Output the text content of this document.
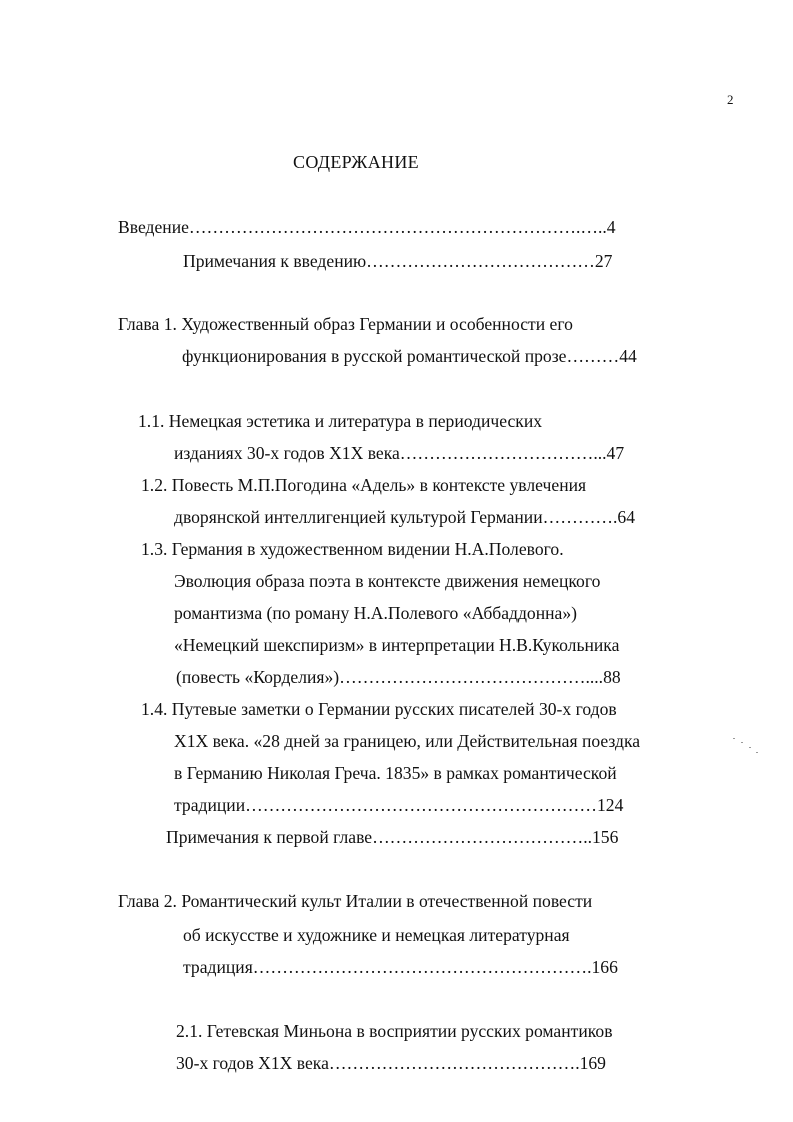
2
СОДЕРЖАНИЕ
Введение………………………………………………………….…..4
Примечания к введению…………………………………27
Глава 1. Художественный образ Германии и особенности его
функционирования в русской романтической прозе………44
1.1. Немецкая эстетика и литература в периодических
изданиях 30-х годов Х1Х века……………………………...47
1.2. Повесть М.П.Погодина «Адель» в контексте увлечения
дворянской интеллигенцией культурой Германии………….64
1.3. Германия в художественном видении Н.А.Полевого.
Эволюция образа поэта в контексте движения немецкого
романтизма (по роману Н.А.Полевого «Аббаддонна»)
«Немецкий шекспиризм» в интерпретации Н.В.Кукольника
(повесть «Корделия»)……………………………………....88
1.4. Путевые заметки о Германии русских писателей 30-х годов
Х1Х века. «28 дней за границею, или Действительная поездка
в Германию Николая Греча. 1835» в рамках романтической
традиции……………………………………………………124
Примечания к первой главе………………………………..156
Глава 2. Романтический культ Италии в отечественной повести
об искусстве и художнике и немецкая литературная
традиция………………………………………………….166
2.1. Гетевская Миньона в восприятии русских романтиков
30-х годов Х1Х века…………………………………….169
